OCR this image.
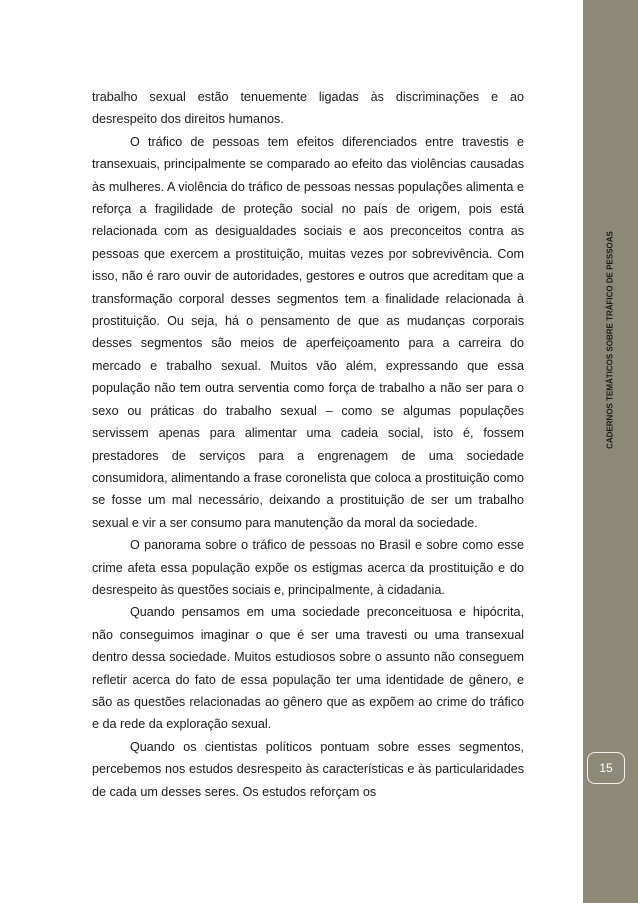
trabalho sexual estão tenuemente ligadas às discriminações e ao desrespeito dos direitos humanos.

O tráfico de pessoas tem efeitos diferenciados entre travestis e transexuais, principalmente se comparado ao efeito das violências causadas às mulheres. A violência do tráfico de pessoas nessas populações alimenta e reforça a fragilidade de proteção social no país de origem, pois está relacionada com as desigualdades sociais e aos preconceitos contra as pessoas que exercem a prostituição, muitas vezes por sobrevivência. Com isso, não é raro ouvir de autoridades, gestores e outros que acreditam que a transformação corporal desses segmentos tem a finalidade relacionada à prostituição. Ou seja, há o pensamento de que as mudanças corporais desses segmentos são meios de aperfeiçoamento para a carreira do mercado e trabalho sexual. Muitos vão além, expressando que essa população não tem outra serventia como força de trabalho a não ser para o sexo ou práticas do trabalho sexual – como se algumas populações servissem apenas para alimentar uma cadeia social, isto é, fossem prestadores de serviços para a engrenagem de uma sociedade consumidora, alimentando a frase coronelista que coloca a prostituição como se fosse um mal necessário, deixando a prostituição de ser um trabalho sexual e vir a ser consumo para manutenção da moral da sociedade.

O panorama sobre o tráfico de pessoas no Brasil e sobre como esse crime afeta essa população expõe os estigmas acerca da prostituição e do desrespeito às questões sociais e, principalmente, à cidadania.

Quando pensamos em uma sociedade preconceituosa e hipócrita, não conseguimos imaginar o que é ser uma travesti ou uma transexual dentro dessa sociedade. Muitos estudiosos sobre o assunto não conseguem refletir acerca do fato de essa população ter uma identidade de gênero, e são as questões relacionadas ao gênero que as expõem ao crime do tráfico e da rede da exploração sexual.

Quando os cientistas políticos pontuam sobre esses segmentos, percebemos nos estudos desrespeito às características e às particularidades de cada um desses seres. Os estudos reforçam os

CADERNOS TEMÁTICOS SOBRE TRÁFICO DE PESSOAS
15
